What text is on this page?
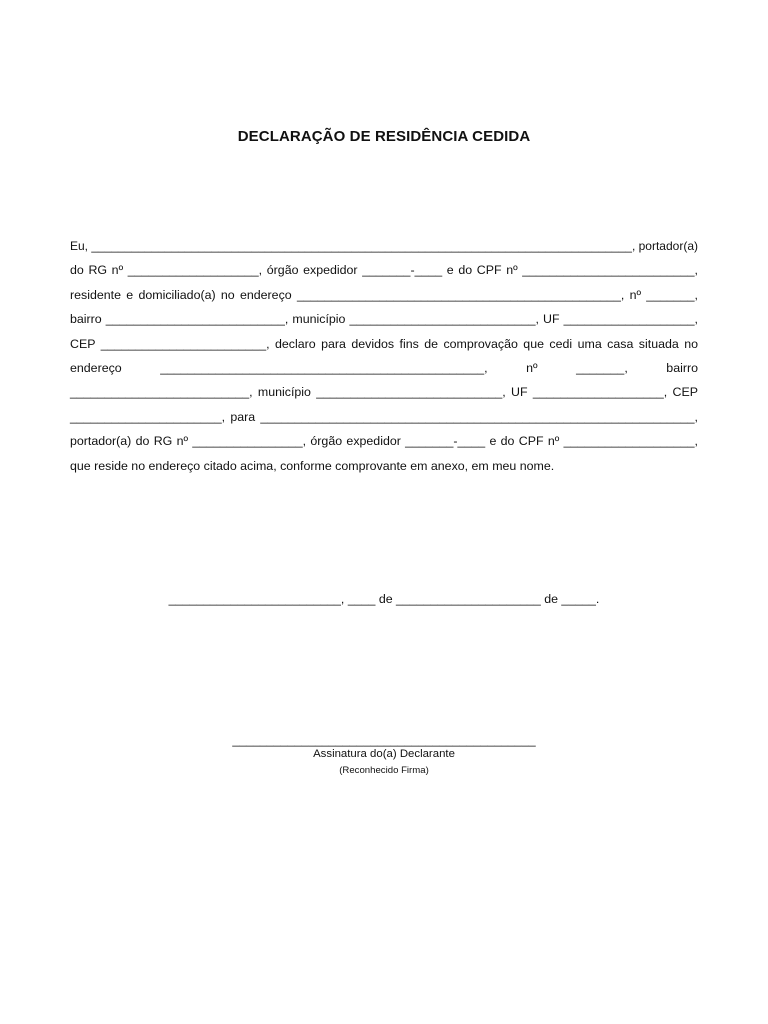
DECLARAÇÃO DE RESIDÊNCIA CEDIDA
Eu, _________________________________________________________________________________, portador(a)
do RG nº ___________________, órgão expedidor _______-____ e do CPF nº _________________________,
residente e domiciliado(a) no endereço _______________________________________________, nº _______,
bairro __________________________, município ___________________________, UF ___________________,
CEP ________________________, declaro para devidos fins de comprovação que cedi uma casa situada no
endereço _______________________________________________, nº _______, bairro
__________________________, município ___________________________, UF ___________________, CEP
______________________, para _______________________________________________________________,
portador(a) do RG nº ________________, órgão expedidor _______-____ e do CPF nº ___________________,
que reside no endereço citado acima, conforme comprovante em anexo, em meu nome.
_________________________, ____ de _____________________ de _____.
____________________________________________
Assinatura do(a) Declarante
(Reconhecido Firma)
